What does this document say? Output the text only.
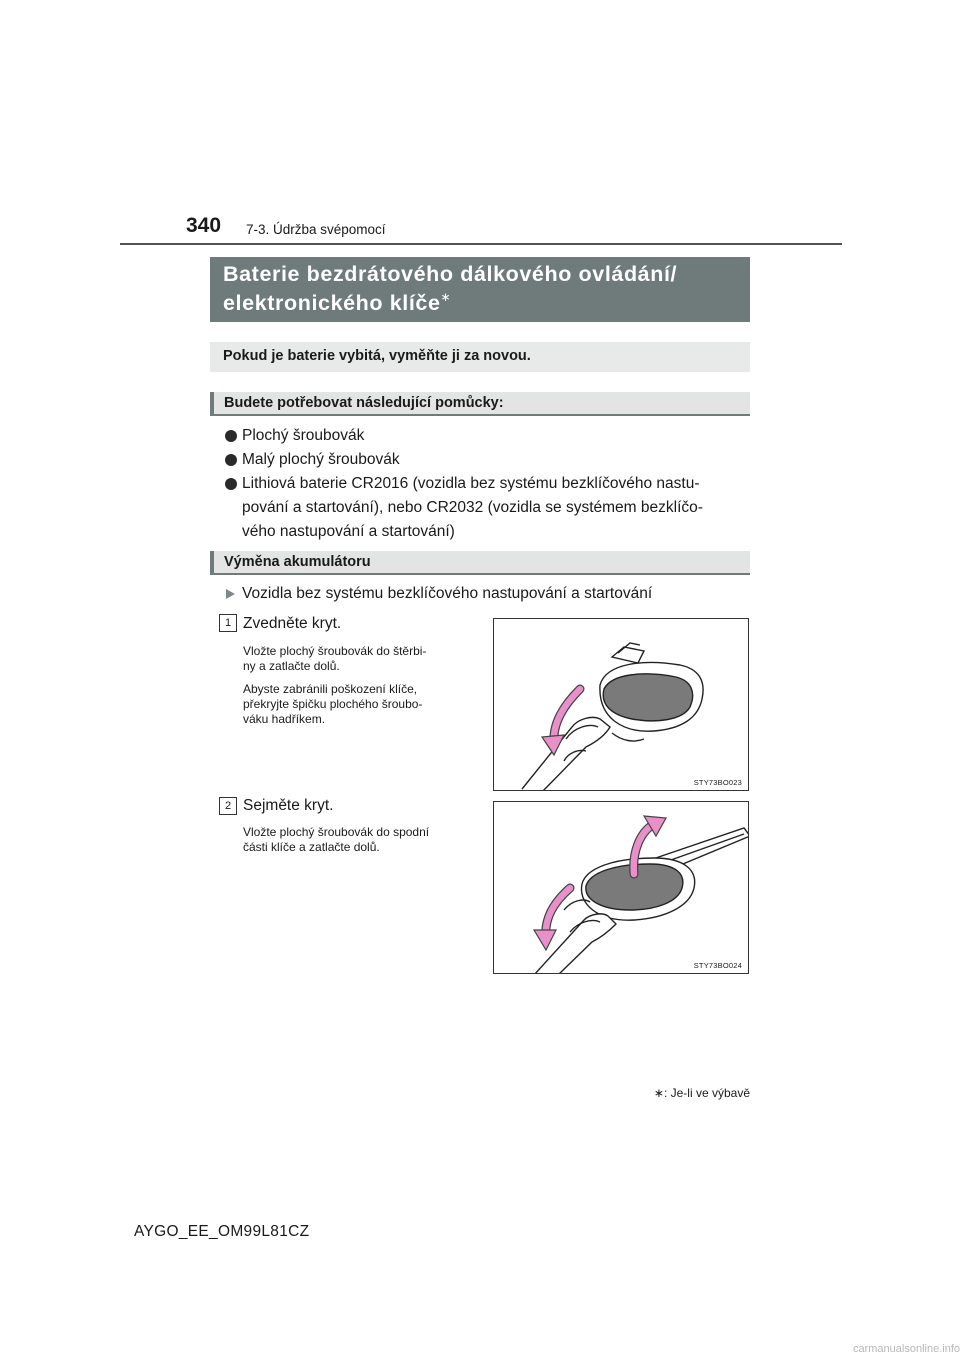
340 7-3. Údržba svépomocí
Baterie bezdrátového dálkového ovládání/
elektronického klíče∗
Pokud je baterie vybitá, vyměňte ji za novou.
Budete potřebovat následující pomůcky:
Plochý šroubovák
Malý plochý šroubovák
Lithiová baterie CR2016 (vozidla bez systému bezklíčového nastu-
pování a startování), nebo CR2032 (vozidla se systémem bezklíčo-
vého nastupování a startování)
Výměna akumulátoru
Vozidla bez systému bezklíčového nastupování a startování
1 Zvedněte kryt.
Vložte plochý šroubovák do štěrbi-
ny a zatlačte dolů.
Abyste zabránili poškození klíče,
překryjte špičku plochého šroubo-
váku hadříkem.
STY73BO023
2 Sejměte kryt.
Vložte plochý šroubovák do spodní
části klíče a zatlačte dolů.
STY73BO024
∗: Je-li ve výbavě
AYGO_EE_OM99L81CZ
carmanualsonline.info
